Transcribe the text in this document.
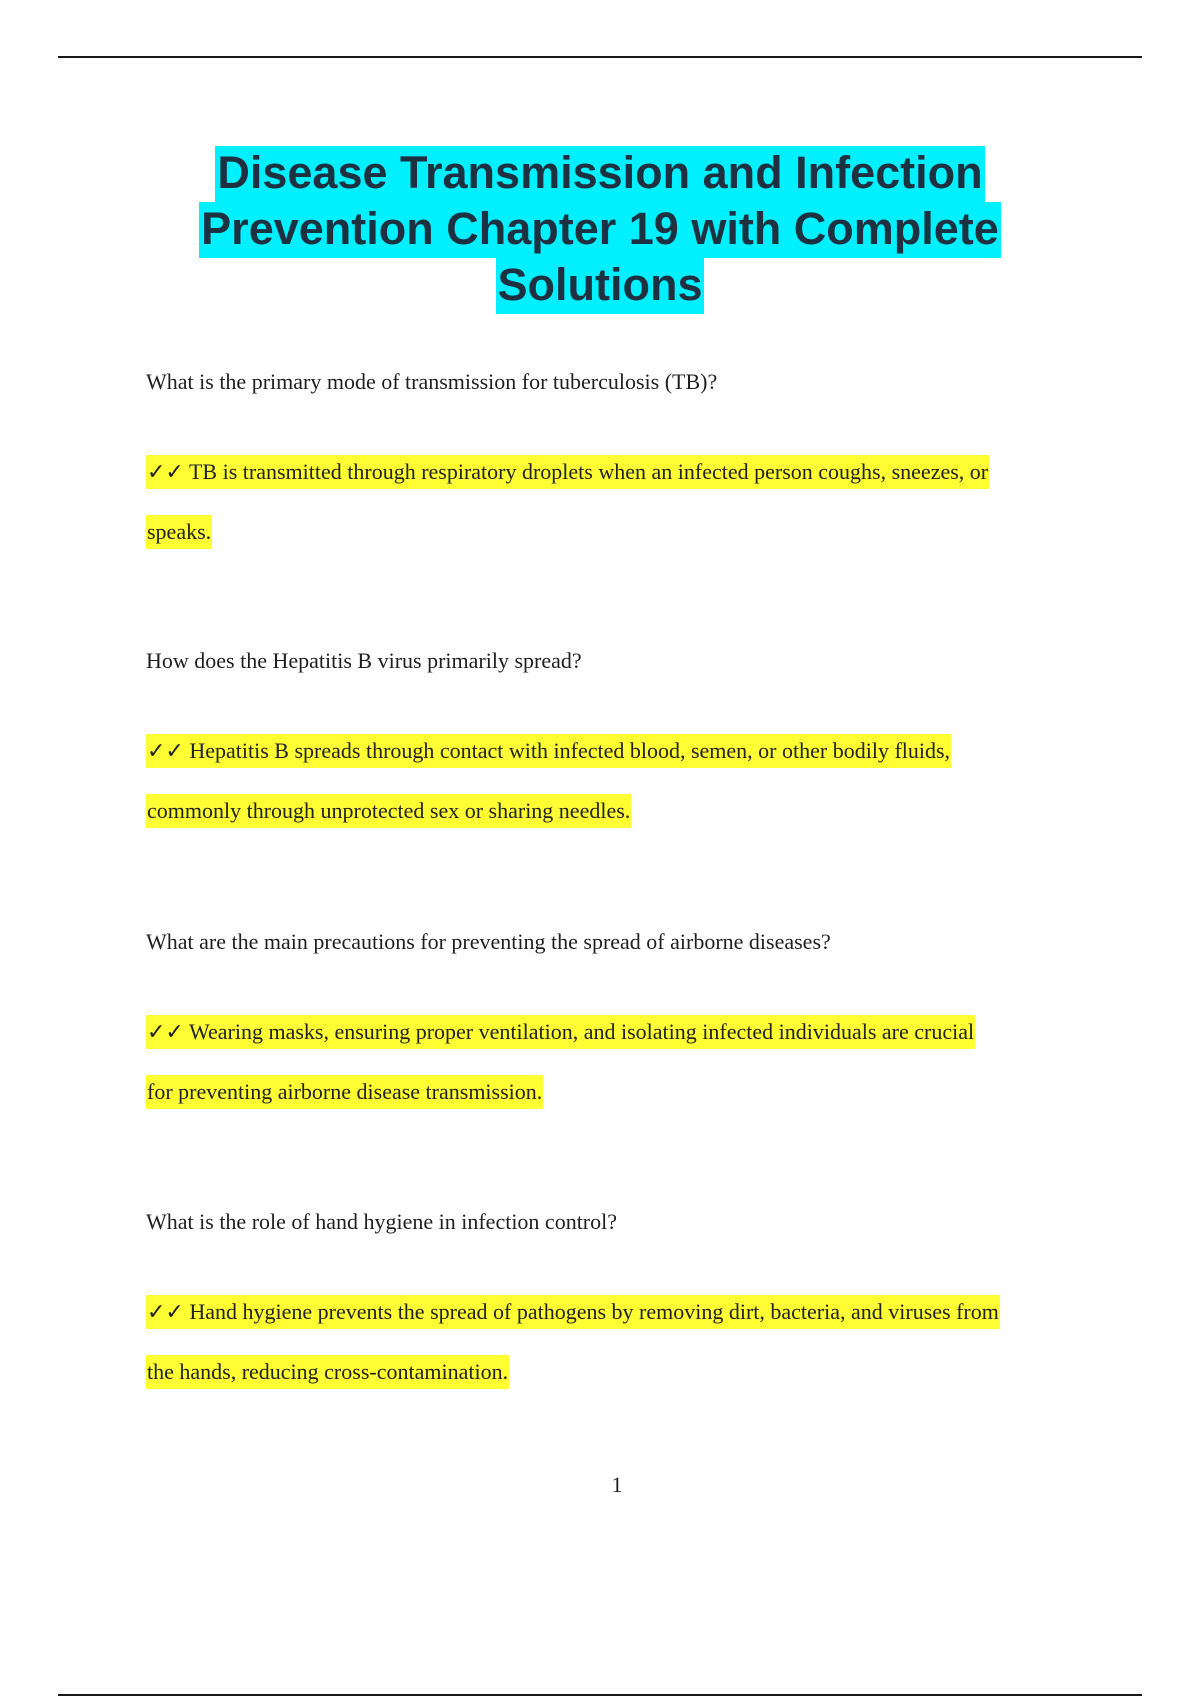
Disease Transmission and Infection
Prevention Chapter 19 with Complete
Solutions
What is the primary mode of transmission for tuberculosis (TB)?
✓✓ TB is transmitted through respiratory droplets when an infected person coughs, sneezes, or
speaks.
How does the Hepatitis B virus primarily spread?
✓✓ Hepatitis B spreads through contact with infected blood, semen, or other bodily fluids,
commonly through unprotected sex or sharing needles.
What are the main precautions for preventing the spread of airborne diseases?
✓✓ Wearing masks, ensuring proper ventilation, and isolating infected individuals are crucial
for preventing airborne disease transmission.
What is the role of hand hygiene in infection control?
✓✓ Hand hygiene prevents the spread of pathogens by removing dirt, bacteria, and viruses from
the hands, reducing cross-contamination.
1
